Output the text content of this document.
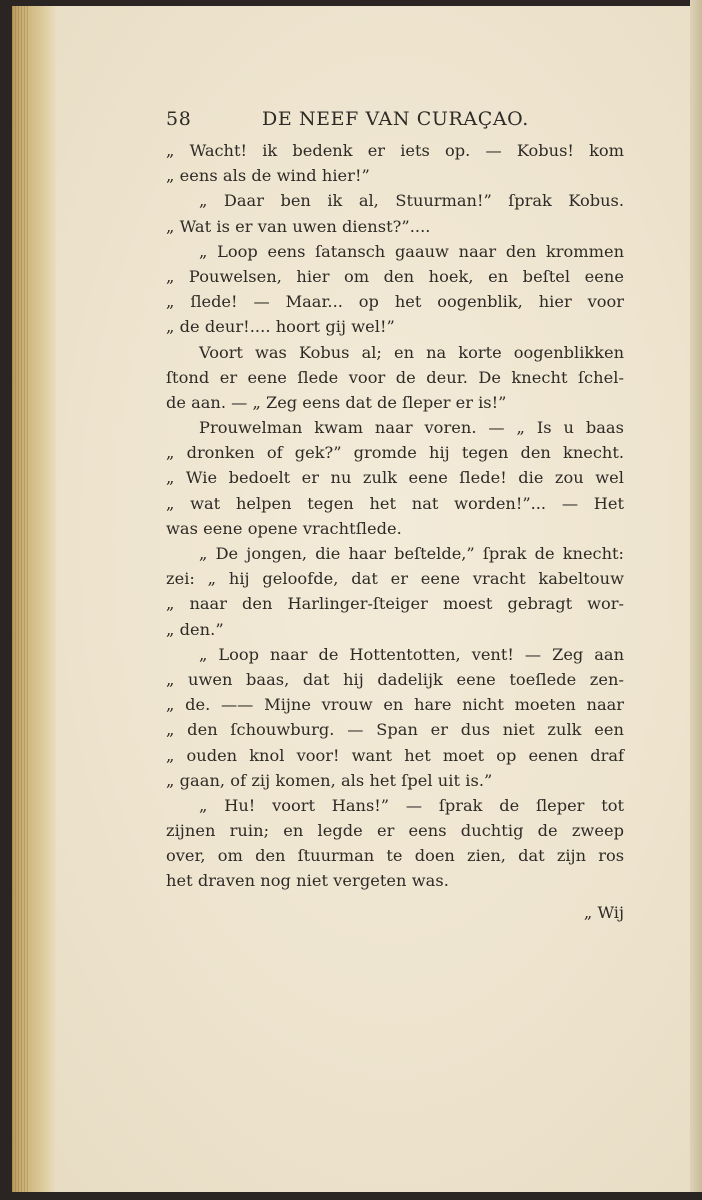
58	DE NEEF VAN CURAÇAO.
„ Wacht! ik bedenk er iets op. — Kobus! kom
„ eens als de wind hier!”
„ Daar ben ik al, Stuurman!” ſprak Kobus.
„ Wat is er van uwen dienst?”....
„ Loop eens ſatansch gaauw naar den krommen
„ Pouwelsen, hier om den hoek, en beſtel eene
„ ſlede! — Maar... op het oogenblik, hier voor
„ de deur!.... hoort gij wel!”
Voort was Kobus al; en na korte oogenblikken
ſtond er eene ſlede voor de deur. De knecht ſchel-
de aan. — „ Zeg eens dat de ſleper er is!”
Prouwelman kwam naar voren. — „ Is u baas
„ dronken of gek?” gromde hij tegen den knecht.
„ Wie bedoelt er nu zulk eene ſlede! die zou wel
„ wat helpen tegen het nat worden!”... — Het
was eene opene vrachtſlede.
„ De jongen, die haar beſtelde,” ſprak de knecht:
zei: „ hij geloofde, dat er eene vracht kabeltouw
„ naar den Harlinger-ſteiger moest gebragt wor-
„ den.”
„ Loop naar de Hottentotten, vent! — Zeg aan
„ uwen baas, dat hij dadelijk eene toeſlede zen-
„ de. —— Mijne vrouw en hare nicht moeten naar
„ den ſchouwburg. — Span er dus niet zulk een
„ ouden knol voor! want het moet op eenen draf
„ gaan, of zij komen, als het ſpel uit is.”
„ Hu! voort Hans!” — ſprak de ſleper tot
zijnen ruin; en legde er eens duchtig de zweep
over, om den ſtuurman te doen zien, dat zijn ros
het draven nog niet vergeten was.
„ Wij
